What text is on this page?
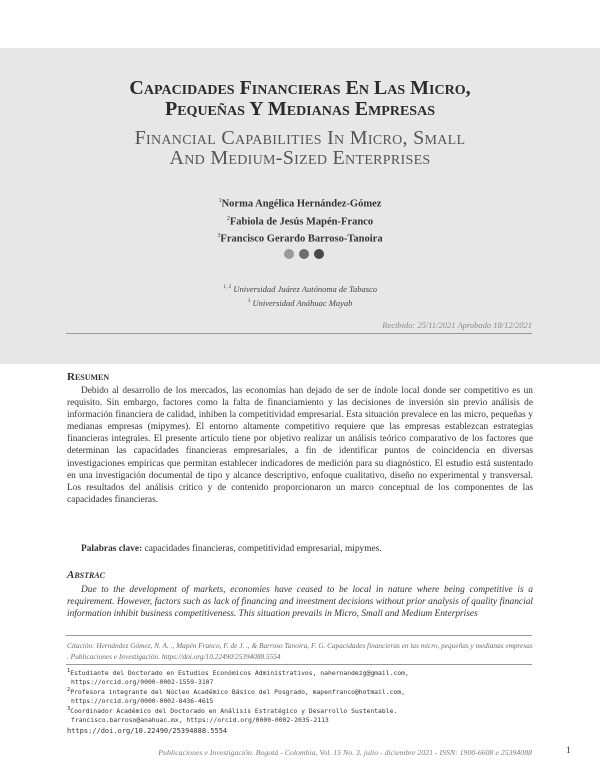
Capacidades Financieras En Las Micro,
Pequeñas Y Medianas Empresas
Financial Capabilities In Micro, Small
And Medium-Sized Enterprises
$^1$Norma Angélica Hernández-Gómez
$^2$Fabiola de Jesús Mapén-Franco
$^3$Francisco Gerardo Barroso-Tanoira
$^{1, 2}$ Universidad Juárez Autónoma de Tabasco
$^3$ Universidad Anáhuac Mayab
Recibido: 25/11/2021 Aprobado 18/12/2021
Resumen

Debido al desarrollo de los mercados, las economías han dejado de ser de índole local donde ser competitivo es un requisito. Sin embargo, factores como la falta de financiamiento y las decisiones de inversión sin previo análisis de información financiera de calidad, inhiben la competitividad empresarial. Esta situación prevalece en las micro, pequeñas y medianas empresas (mipymes). El entorno altamente competitivo requiere que las empresas establezcan estrategias financieras integrales. El presente artículo tiene por objetivo realizar un análisis teórico comparativo de los factores que determinan las capacidades financieras empresariales, a fin de identificar puntos de coincidencia en diversas investigaciones empíricas que permitan establecer indicadores de medición para su diagnóstico. El estudio está sustentado en una investigación documental de tipo y alcance descriptivo, enfoque cualitativo, diseño no experimental y transversal. Los resultados del análisis crítico y de contenido proporcionaron un marco conceptual de los componentes de las capacidades financieras.

Palabras clave: capacidades financieras, competitividad empresarial, mipymes.
Abstrac

Due to the development of markets, economies have ceased to be local in nature where being competitive is a requirement. However, factors such as lack of financing and investment decisions without prior analysis of quality financial information inhibit business competitiveness. This situation prevails in Micro, Small and Medium Enterprises

Citación: Hernández Gómez, N. A. ., Mapén Franco, F. de J. ., & Barroso Tanoira, F. G. Capacidades financieras en las micro, pequeñas y medianas empresas . Publicaciones e Investigación. https://doi.org/10.22490/25394088.5554
$^1$Estudiante del Doctorado en Estudios Económicos Administrativos, nahernandezg@gmail.com,
https://orcid.org/0000-0002-1559-3107
$^2$Profesora integrante del Núcleo Académico Básico del Posgrado, mapenfranco@hotmail.com,
https://orcid.org/0000-0002-8436-4615
$^3$Coordinador Académico del Doctorado en Análisis Estratégico y Desarrollo Sustentable.
francisco.barroso@anahuac.mx, https://orcid.org/0000-0002-2035-2113
https://doi.org/10.22490/25394088.5554
Publicaciones e Investigación. Bogotá - Colombia, Vol. 15 No. 3, julio - diciembre 2021 - ISSN: 1900-6608 e 25394088	1
